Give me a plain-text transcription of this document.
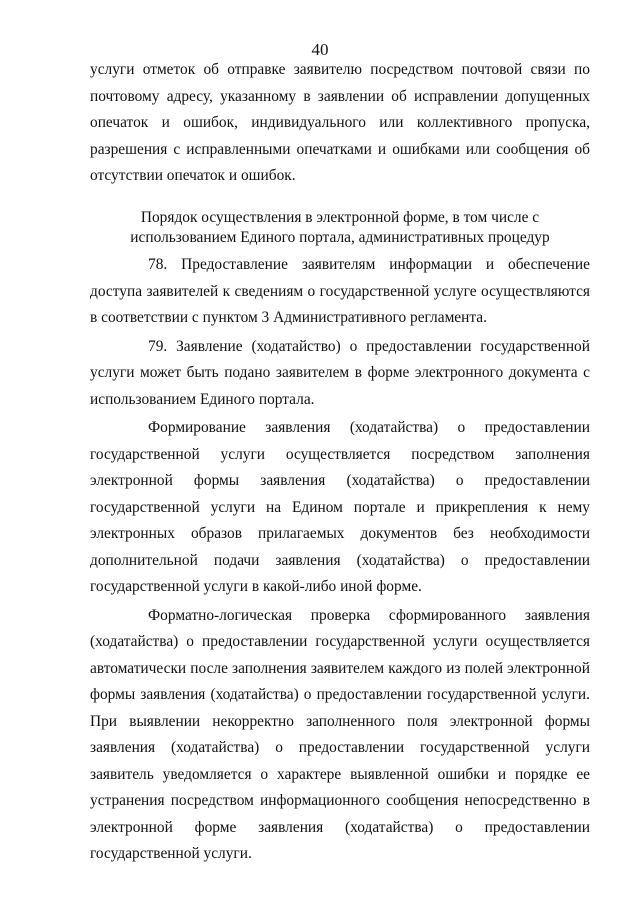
40

услуги отметок об отправке заявителю посредством почтовой связи по почтовому адресу, указанному в заявлении об исправлении допущенных опечаток и ошибок, индивидуального или коллективного пропуска, разрешения с исправленными опечатками и ошибками или сообщения об отсутствии опечаток и ошибок.

Порядок осуществления в электронной форме, в том числе с использованием Единого портала, административных процедур

78. Предоставление заявителям информации и обеспечение доступа заявителей к сведениям о государственной услуге осуществляются в соответствии с пунктом 3 Административного регламента.

79. Заявление (ходатайство) о предоставлении государственной услуги может быть подано заявителем в форме электронного документа с использованием Единого портала.

Формирование заявления (ходатайства) о предоставлении государственной услуги осуществляется посредством заполнения электронной формы заявления (ходатайства) о предоставлении государственной услуги на Едином портале и прикрепления к нему электронных образов прилагаемых документов без необходимости дополнительной подачи заявления (ходатайства) о предоставлении государственной услуги в какой-либо иной форме.

Форматно-логическая проверка сформированного заявления (ходатайства) о предоставлении государственной услуги осуществляется автоматически после заполнения заявителем каждого из полей электронной формы заявления (ходатайства) о предоставлении государственной услуги. При выявлении некорректно заполненного поля электронной формы заявления (ходатайства) о предоставлении государственной услуги заявитель уведомляется о характере выявленной ошибки и порядке ее устранения посредством информационного сообщения непосредственно в электронной форме заявления (ходатайства) о предоставлении государственной услуги.
